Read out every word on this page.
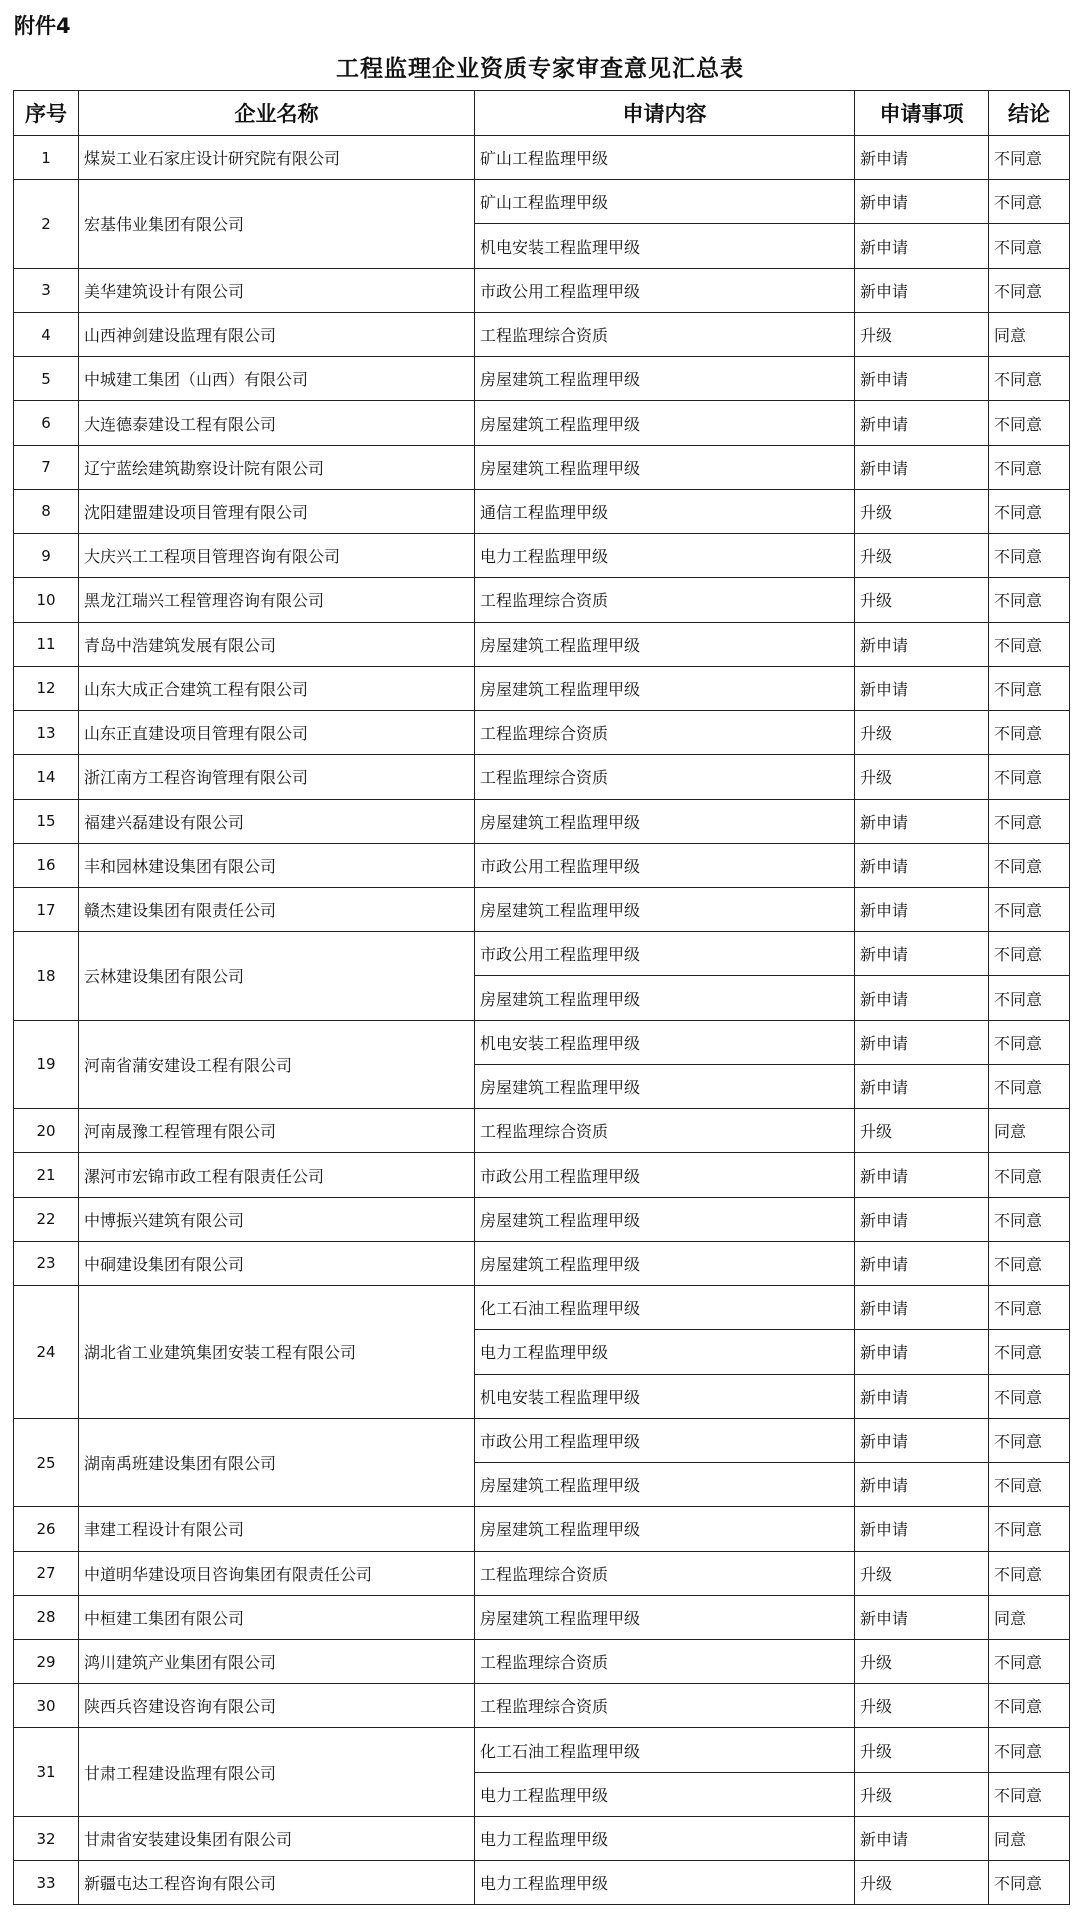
附件4
工程监理企业资质专家审查意见汇总表
序号	企业名称	申请内容	申请事项	结论
1	煤炭工业石家庄设计研究院有限公司	矿山工程监理甲级	新申请	不同意
2	宏基伟业集团有限公司	矿山工程监理甲级	新申请	不同意
		机电安装工程监理甲级	新申请	不同意
3	美华建筑设计有限公司	市政公用工程监理甲级	新申请	不同意
4	山西神剑建设监理有限公司	工程监理综合资质	升级	同意
5	中城建工集团（山西）有限公司	房屋建筑工程监理甲级	新申请	不同意
6	大连德泰建设工程有限公司	房屋建筑工程监理甲级	新申请	不同意
7	辽宁蓝绘建筑勘察设计院有限公司	房屋建筑工程监理甲级	新申请	不同意
8	沈阳建盟建设项目管理有限公司	通信工程监理甲级	升级	不同意
9	大庆兴工工程项目管理咨询有限公司	电力工程监理甲级	升级	不同意
10	黑龙江瑞兴工程管理咨询有限公司	工程监理综合资质	升级	不同意
11	青岛中浩建筑发展有限公司	房屋建筑工程监理甲级	新申请	不同意
12	山东大成正合建筑工程有限公司	房屋建筑工程监理甲级	新申请	不同意
13	山东正直建设项目管理有限公司	工程监理综合资质	升级	不同意
14	浙江南方工程咨询管理有限公司	工程监理综合资质	升级	不同意
15	福建兴磊建设有限公司	房屋建筑工程监理甲级	新申请	不同意
16	丰和园林建设集团有限公司	市政公用工程监理甲级	新申请	不同意
17	赣杰建设集团有限责任公司	房屋建筑工程监理甲级	新申请	不同意
18	云林建设集团有限公司	市政公用工程监理甲级	新申请	不同意
		房屋建筑工程监理甲级	新申请	不同意
19	河南省蒲安建设工程有限公司	机电安装工程监理甲级	新申请	不同意
		房屋建筑工程监理甲级	新申请	不同意
20	河南晟豫工程管理有限公司	工程监理综合资质	升级	同意
21	漯河市宏锦市政工程有限责任公司	市政公用工程监理甲级	新申请	不同意
22	中博振兴建筑有限公司	房屋建筑工程监理甲级	新申请	不同意
23	中硐建设集团有限公司	房屋建筑工程监理甲级	新申请	不同意
24	湖北省工业建筑集团安装工程有限公司	化工石油工程监理甲级	新申请	不同意
		电力工程监理甲级	新申请	不同意
		机电安装工程监理甲级	新申请	不同意
25	湖南禹班建设集团有限公司	市政公用工程监理甲级	新申请	不同意
		房屋建筑工程监理甲级	新申请	不同意
26	聿建工程设计有限公司	房屋建筑工程监理甲级	新申请	不同意
27	中道明华建设项目咨询集团有限责任公司	工程监理综合资质	升级	不同意
28	中桓建工集团有限公司	房屋建筑工程监理甲级	新申请	同意
29	鸿川建筑产业集团有限公司	工程监理综合资质	升级	不同意
30	陕西兵咨建设咨询有限公司	工程监理综合资质	升级	不同意
31	甘肃工程建设监理有限公司	化工石油工程监理甲级	升级	不同意
		电力工程监理甲级	升级	不同意
32	甘肃省安装建设集团有限公司	电力工程监理甲级	新申请	同意
33	新疆屯达工程咨询有限公司	电力工程监理甲级	升级	不同意
